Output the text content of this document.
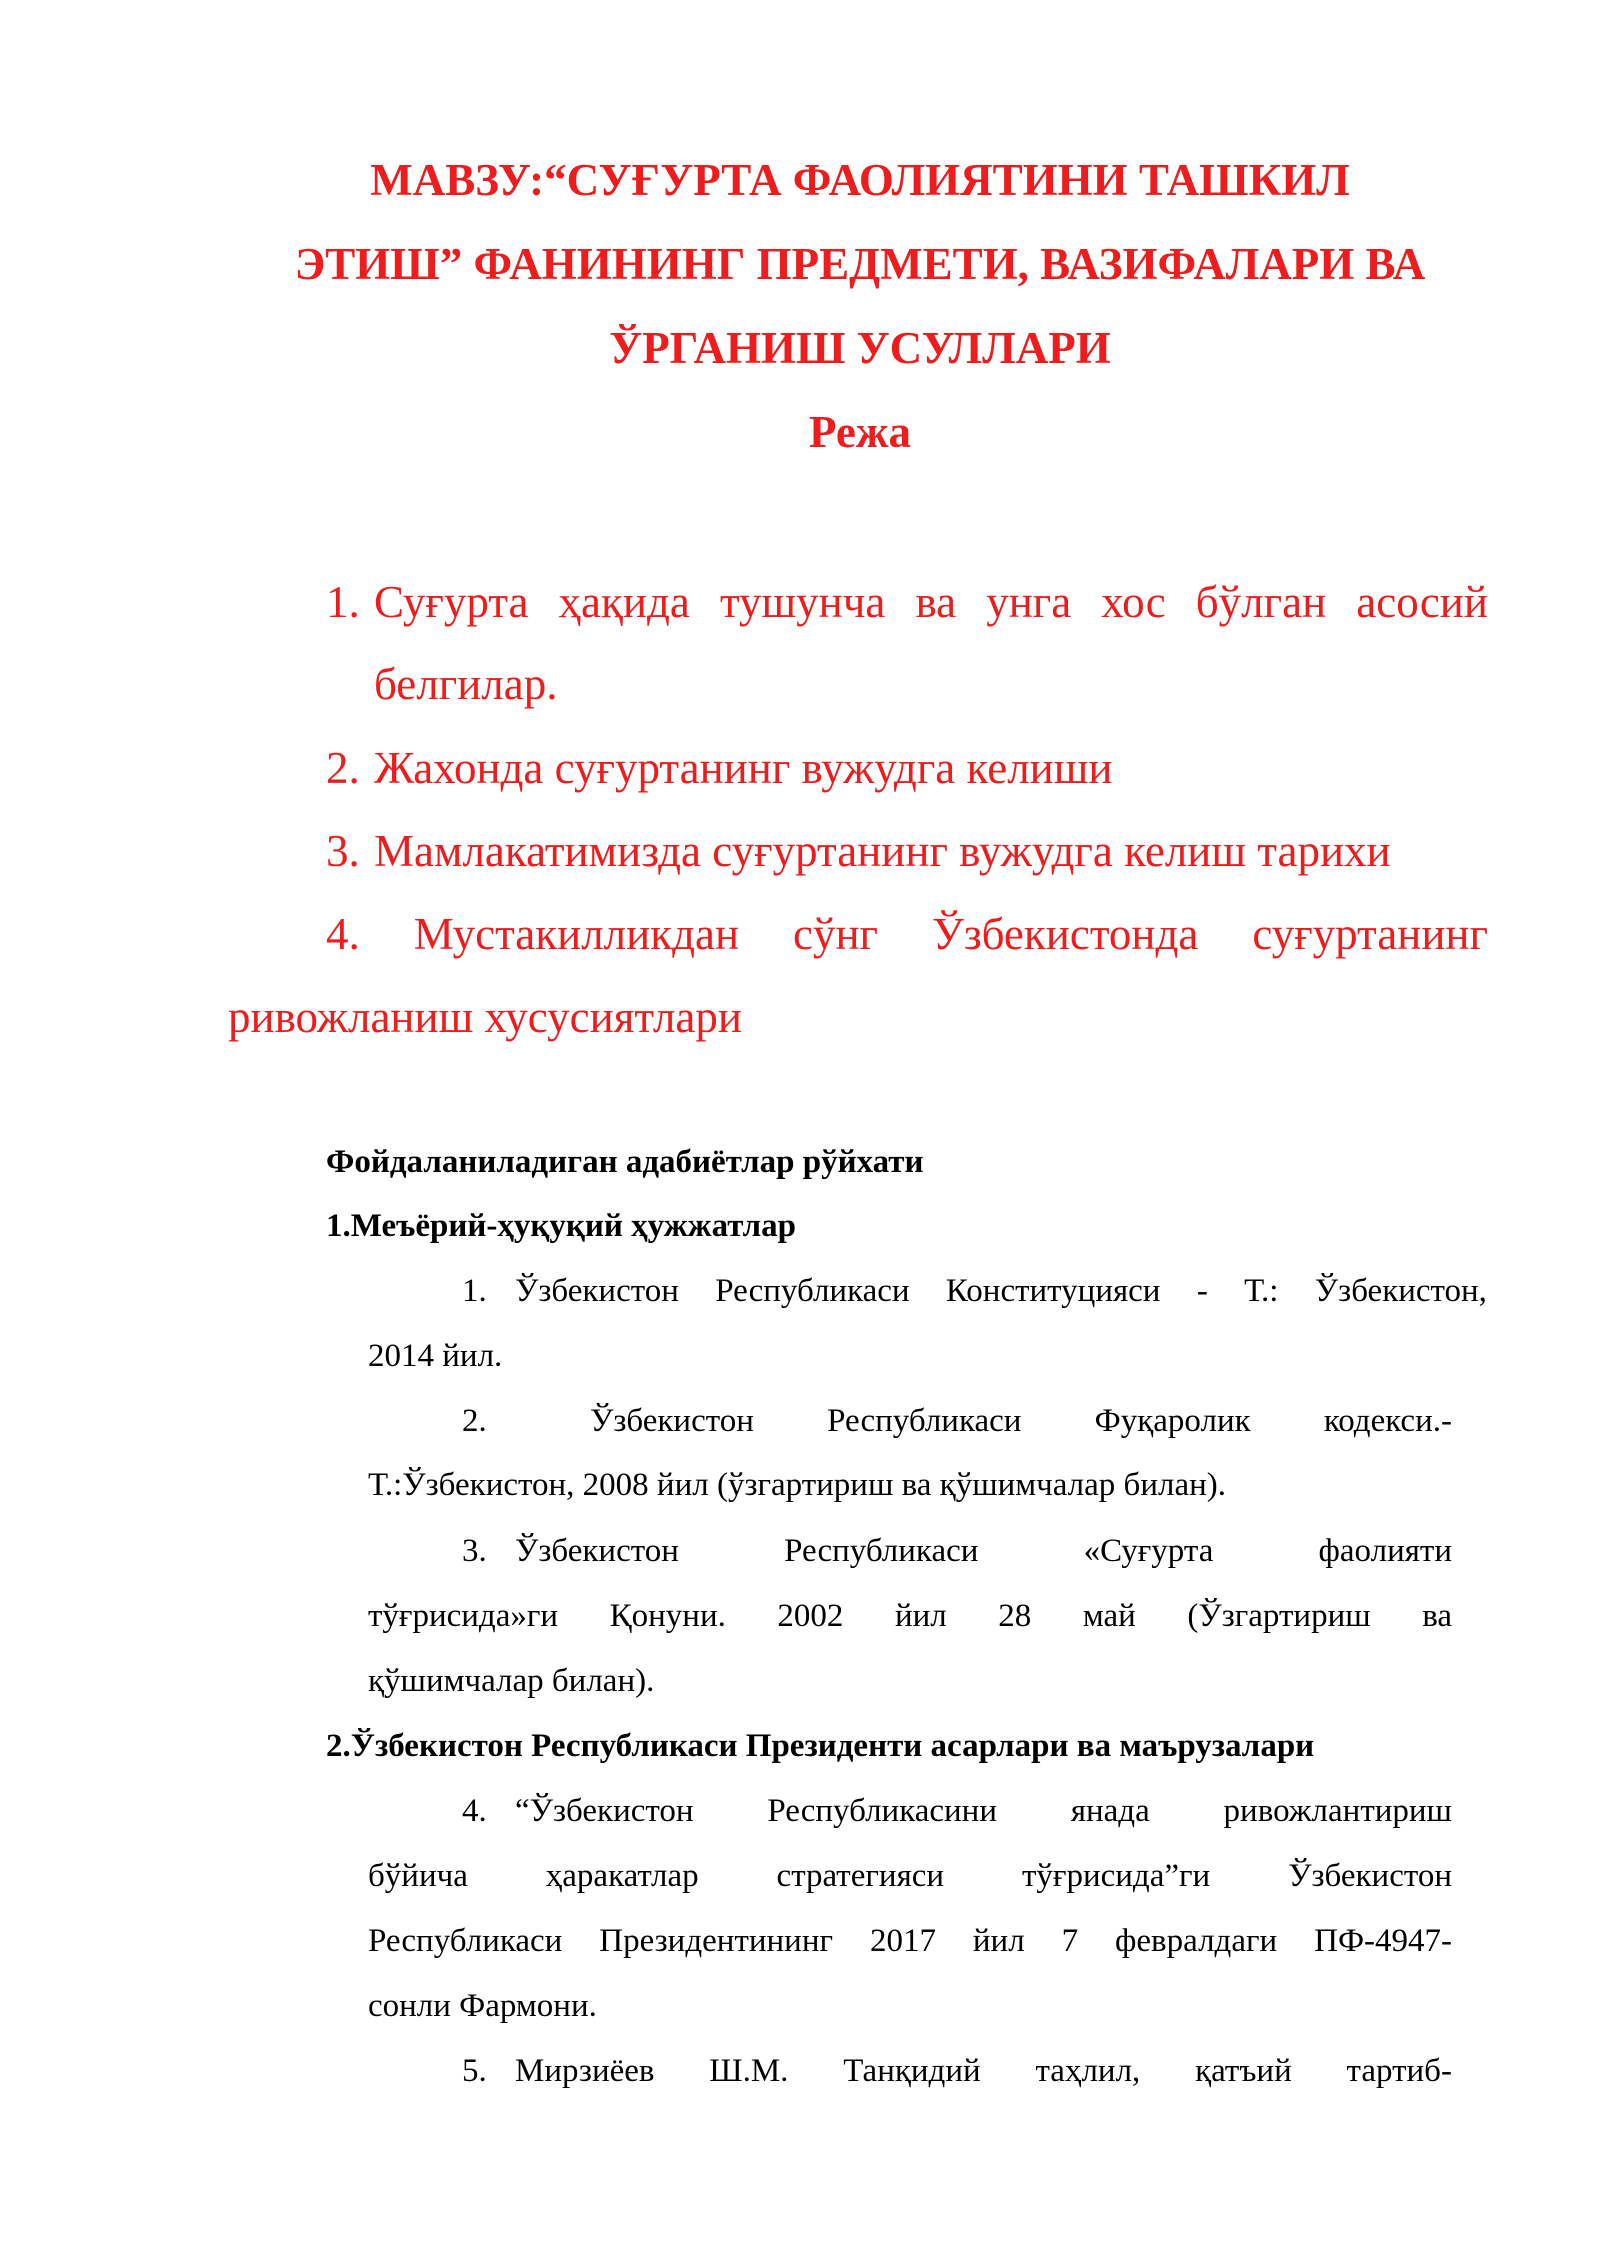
МАВЗУ:“СУҒУРТА ФАОЛИЯТИНИ ТАШКИЛ
ЭТИШ” ФАНИНИНГ ПРЕДМЕТИ, ВАЗИФАЛАРИ ВА
ЎРГАНИШ УСУЛЛАРИ
Режа
1. Суғурта ҳақида тушунча ва унга хос бўлган асосий
белгилар.
2. Жахонда суғуртанинг вужудга келиши
3. Мамлакатимизда суғуртанинг вужудга келиш тарихи
4. Мустакилликдан сўнг Ўзбекистонда суғуртанинг
ривожланиш хусусиятлари
Фойдаланиладиган адабиётлар рўйхати
1.Меъёрий-ҳуқуқий ҳужжатлар
1. Ўзбекистон Республикаси Конституцияси - Т.: Ўзбекистон,
2014 йил.
2.	Ўзбекистон Республикаси Фуқаролик кодекси.-
Т.:Ўзбекистон, 2008 йил (ўзгартириш ва қўшимчалар билан).
3. Ўзбекистон	Республикаси	«Суғурта	фаолияти
тўғрисида»ги Қонуни. 2002 йил 28 май (Ўзгартириш ва
қўшимчалар билан).
2.Ўзбекистон Республикаси Президенти асарлари ва маърузалари
4. “Ўзбекистон Республикасини янада ривожлантириш
бўйича ҳаракатлар стратегияси тўғрисида”ги Ўзбекистон
Республикаси Президентининг 2017 йил 7 февралдаги ПФ-4947-
сонли Фармони.
5. Мирзиёев Ш.М. Танқидий таҳлил, қатъий тартиб-
